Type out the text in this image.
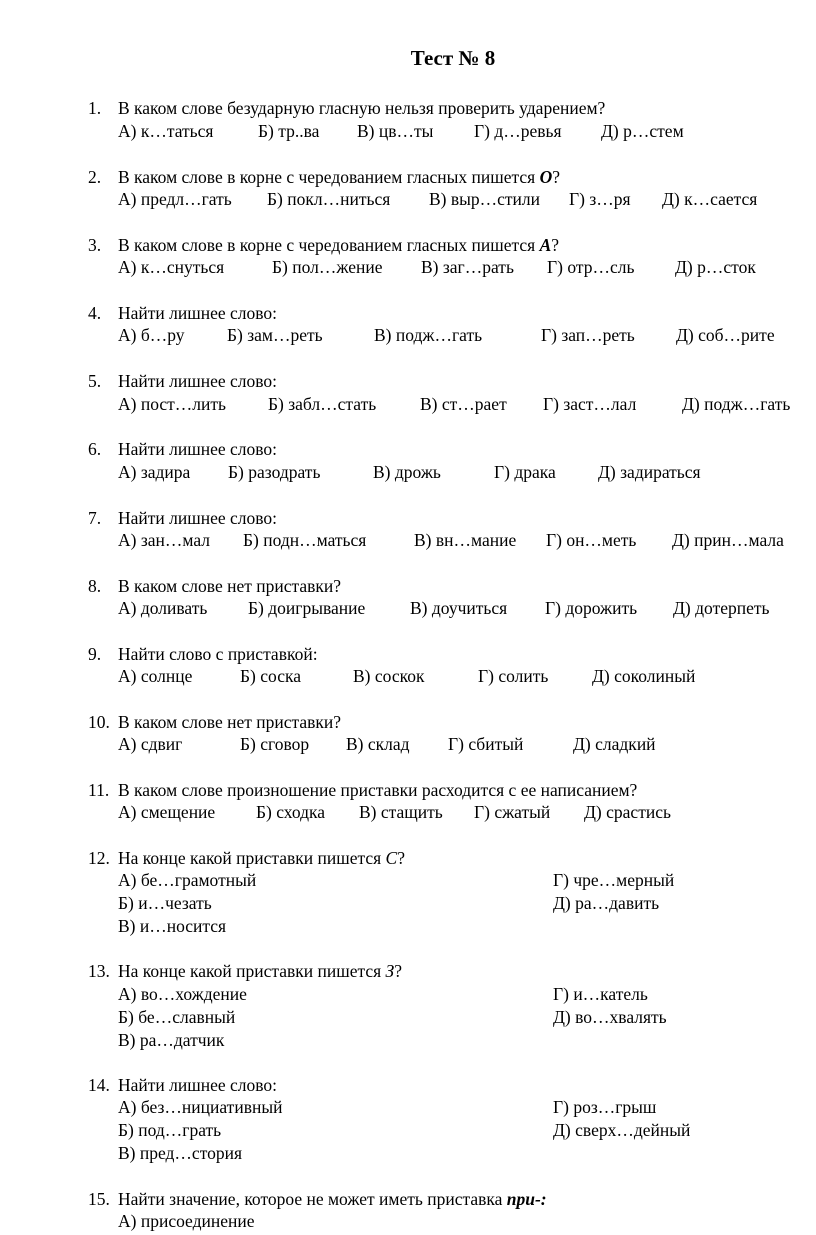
Тест № 8
1. В каком слове безударную гласную нельзя проверить ударением?
А) к…таться	Б) тр..ва В) цв…ты Г) д…ревья Д) р…стем
2. В каком слове в корне с чередованием гласных пишется О?
А) предл…гать Б) покл…ниться В) выр…стили Г) з…ря Д) к…сается
3. В каком слове в корне с чередованием гласных пишется А?
А) к…снуться	Б) пол…жение В) заг…рать Г) отр…сль Д) р…сток
4. Найти лишнее слово:
А) б…ру Б) зам…реть	В) подж…гать	Г) зап…реть Д) соб…рите
5. Найти лишнее слово:
А) пост…лить Б) забл…стать	В) ст…рает Г) заст…лал	Д) подж…гать
6. Найти лишнее слово:
А) задира Б) разодрать	В) дрожь	Г) драка Д) задираться
7. Найти лишнее слово:
А) зан…мал Б) подн…маться	В) вн…мание Г) он…меть Д) прин…мала
8. В каком слове нет приставки?
А) доливать Б) доигрывание	В) доучиться Г) дорожить Д) дотерпеть
9. Найти слово с приставкой:
А) солнце	Б) соска	В) соскок	Г) солить Д) соколиный
10. В каком слове нет приставки?
А) сдвиг	Б) сговор В) склад Г) сбитый	Д) сладкий
11. В каком слове произношение приставки расходится с ее написанием?
А) смещение Б) сходка В) стащить Г) сжатый Д) срастись
12. На конце какой приставки пишется С?
А) бе…грамотный
Б) и…чезать
В) и…носится
Г) чре…мерный
Д) ра…давить
13. На конце какой приставки пишется З?
А) во…хождение
Б) бе…славный
В) ра…датчик
Г) и…катель
Д) во…хвалять
14. Найти лишнее слово:
А) без…нициативный
Б) под…грать
В) пред…стория
Г) роз…грыш
Д) сверх…дейный
15. Найти значение, которое не может иметь приставка при-:
А) присоединение
